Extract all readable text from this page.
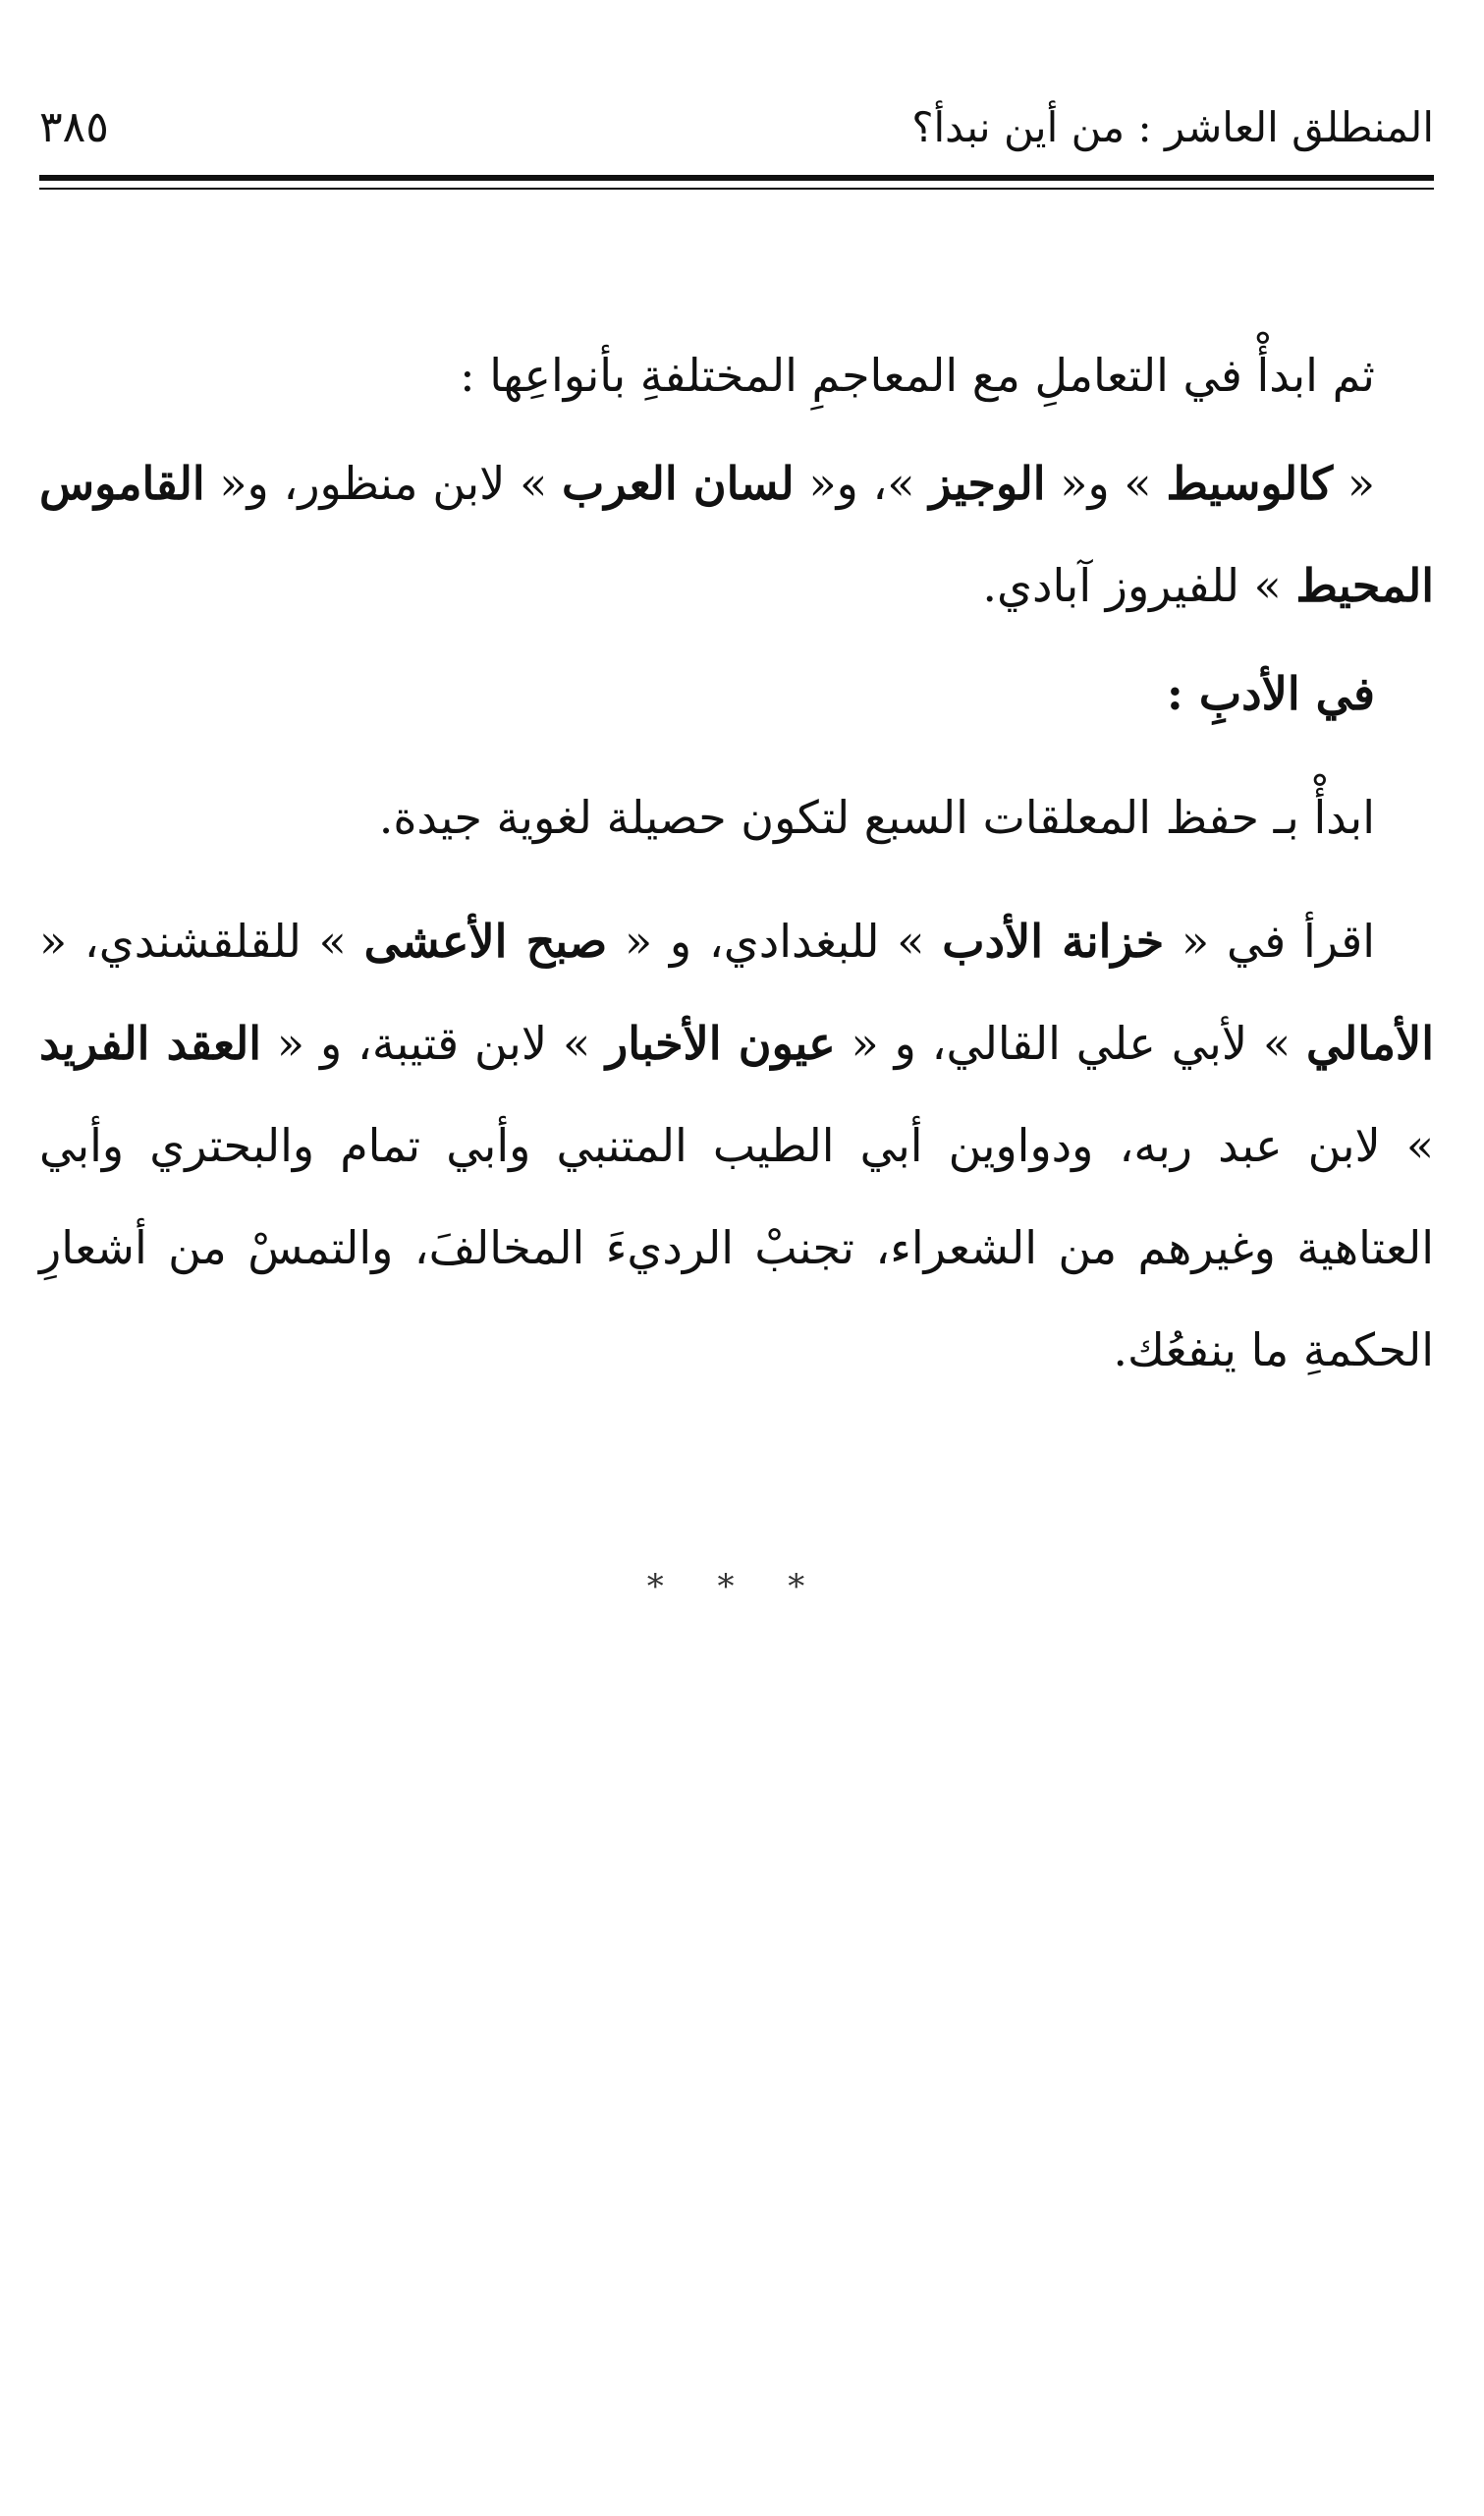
المنطلق العاشر : من أين نبدأ؟
٣٨٥

ثم ابدأْ في التعاملِ مع المعاجمِ المختلفةِ بأنواعِها :

« كالوسيط » و« الوجيز »، و« لسان العرب » لابن منظور، و« القاموس المحيط » للفيروز آبادي.

في الأدبِ :

ابدأْ بـ حفظ المعلقات السبع لتكون حصيلة لغوية جيدة.

اقرأ في « خزانة الأدب » للبغدادي، و « صبح الأعشى » للقلقشندي، « الأمالي » لأبي علي القالي، و « عيون الأخبار » لابن قتيبة، و « العقد الفريد » لابن عبد ربه، ودواوين أبي الطيب المتنبي وأبي تمام والبحتري وأبي العتاهية وغيرهم من الشعراء، تجنبْ الرديءَ المخالفَ، والتمسْ من أشعارِ الحكمةِ ما ينفعُك.

* * *
